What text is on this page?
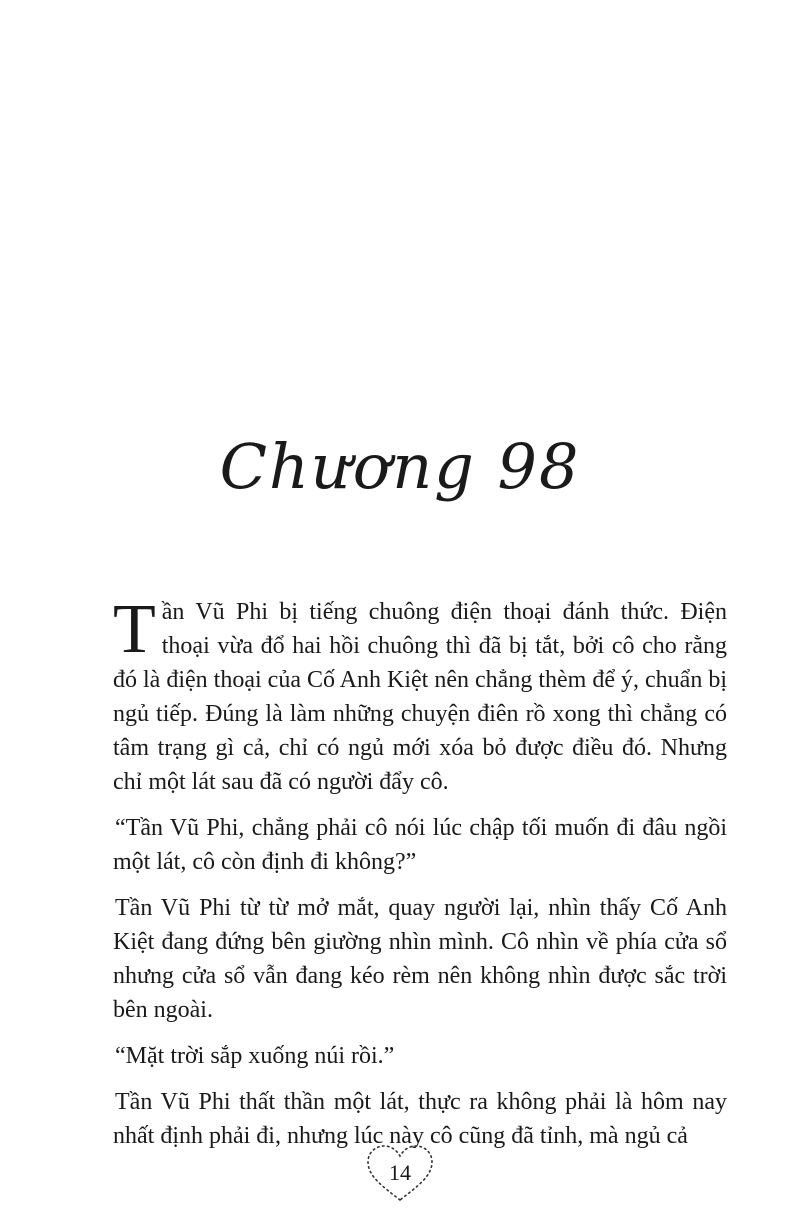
Chương 98

Tần Vũ Phi bị tiếng chuông điện thoại đánh thức. Điện thoại vừa đổ hai hồi chuông thì đã bị tắt, bởi cô cho rằng đó là điện thoại của Cố Anh Kiệt nên chẳng thèm để ý, chuẩn bị ngủ tiếp. Đúng là làm những chuyện điên rồ xong thì chẳng có tâm trạng gì cả, chỉ có ngủ mới xóa bỏ được điều đó. Nhưng chỉ một lát sau đã có người đẩy cô.

“Tần Vũ Phi, chẳng phải cô nói lúc chập tối muốn đi đâu ngồi một lát, cô còn định đi không?”

Tần Vũ Phi từ từ mở mắt, quay người lại, nhìn thấy Cố Anh Kiệt đang đứng bên giường nhìn mình. Cô nhìn về phía cửa sổ nhưng cửa sổ vẫn đang kéo rèm nên không nhìn được sắc trời bên ngoài.

“Mặt trời sắp xuống núi rồi.”

Tần Vũ Phi thất thần một lát, thực ra không phải là hôm nay nhất định phải đi, nhưng lúc này cô cũng đã tỉnh, mà ngủ cả

14
